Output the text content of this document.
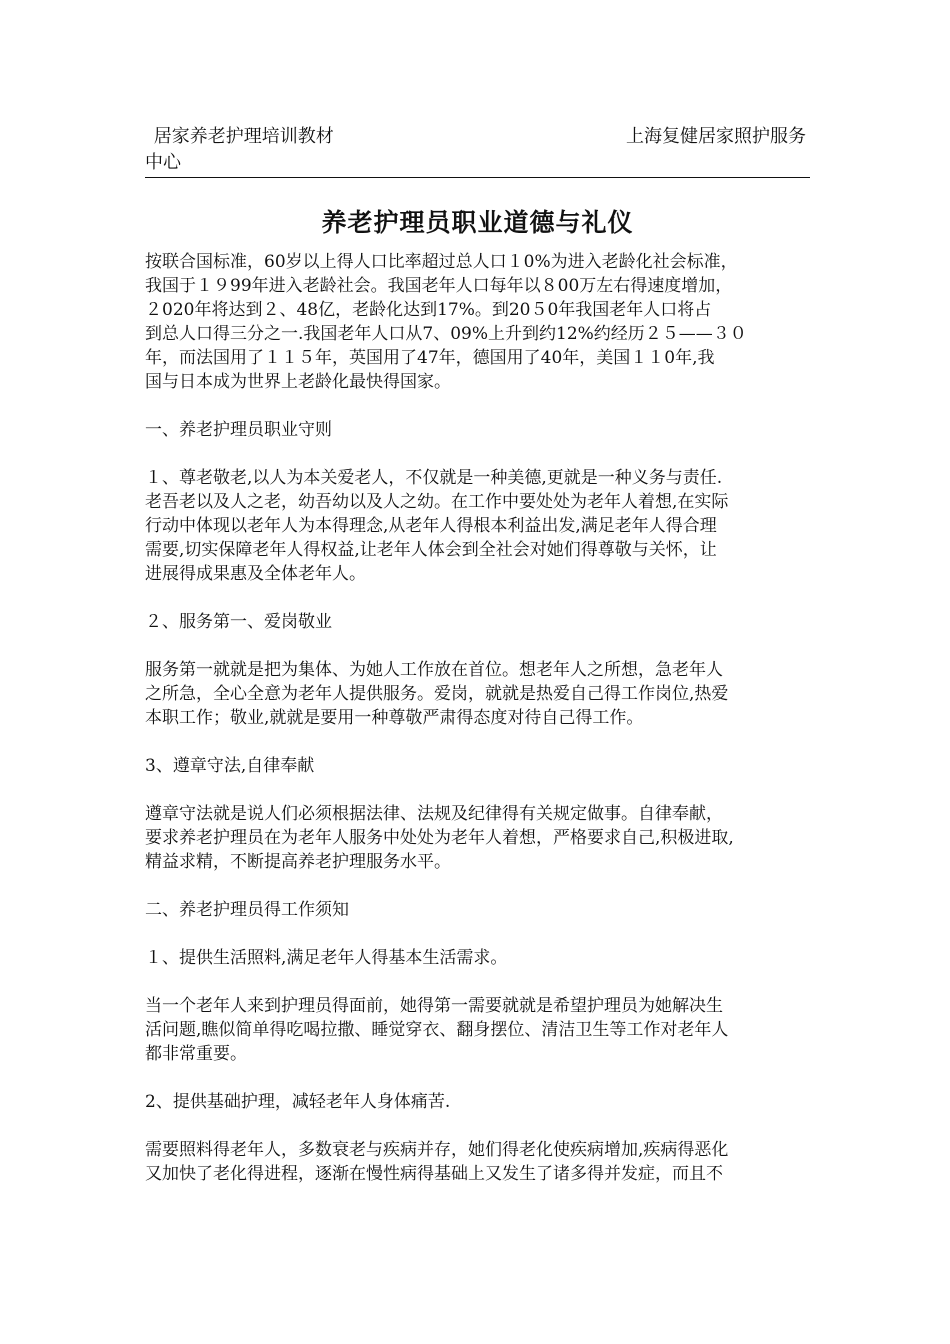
居家养老护理培训教材	上海复健居家照护服务
中心
养老护理员职业道德与礼仪
按联合国标准，60岁以上得人口比率超过总人口１0%为进入老龄化社会标准，
我国于１９99年进入老龄社会。我国老年人口每年以８00万左右得速度增加，
２020年将达到２、48亿，老龄化达到17%。到20５0年我国老年人口将占
到总人口得三分之一.我国老年人口从7、09%上升到约12%约经历２５——３０
年，而法国用了１１５年，英国用了47年，德国用了40年，美国１１0年,我
国与日本成为世界上老龄化最快得国家。
一、养老护理员职业守则
１、尊老敬老,以人为本关爱老人，不仅就是一种美德,更就是一种义务与责任.
老吾老以及人之老，幼吾幼以及人之幼。在工作中要处处为老年人着想,在实际
行动中体现以老年人为本得理念,从老年人得根本利益出发,满足老年人得合理
需要,切实保障老年人得权益,让老年人体会到全社会对她们得尊敬与关怀，让
进展得成果惠及全体老年人。
２、服务第一、爱岗敬业
服务第一就就是把为集体、为她人工作放在首位。想老年人之所想，急老年人
之所急，全心全意为老年人提供服务。爱岗，就就是热爱自己得工作岗位,热爱
本职工作；敬业,就就是要用一种尊敬严肃得态度对待自己得工作。
3、遵章守法,自律奉献
遵章守法就是说人们必须根据法律、法规及纪律得有关规定做事。自律奉献，
要求养老护理员在为老年人服务中处处为老年人着想，严格要求自己,积极进取,
精益求精，不断提高养老护理服务水平。
二、养老护理员得工作须知
１、提供生活照料,满足老年人得基本生活需求。
当一个老年人来到护理员得面前，她得第一需要就就是希望护理员为她解决生
活问题,瞧似简单得吃喝拉撒、睡觉穿衣、翻身摆位、清洁卫生等工作对老年人
都非常重要。
2、提供基础护理，减轻老年人身体痛苦.
需要照料得老年人，多数衰老与疾病并存，她们得老化使疾病增加,疾病得恶化
又加快了老化得进程，逐渐在慢性病得基础上又发生了诸多得并发症，而且不
